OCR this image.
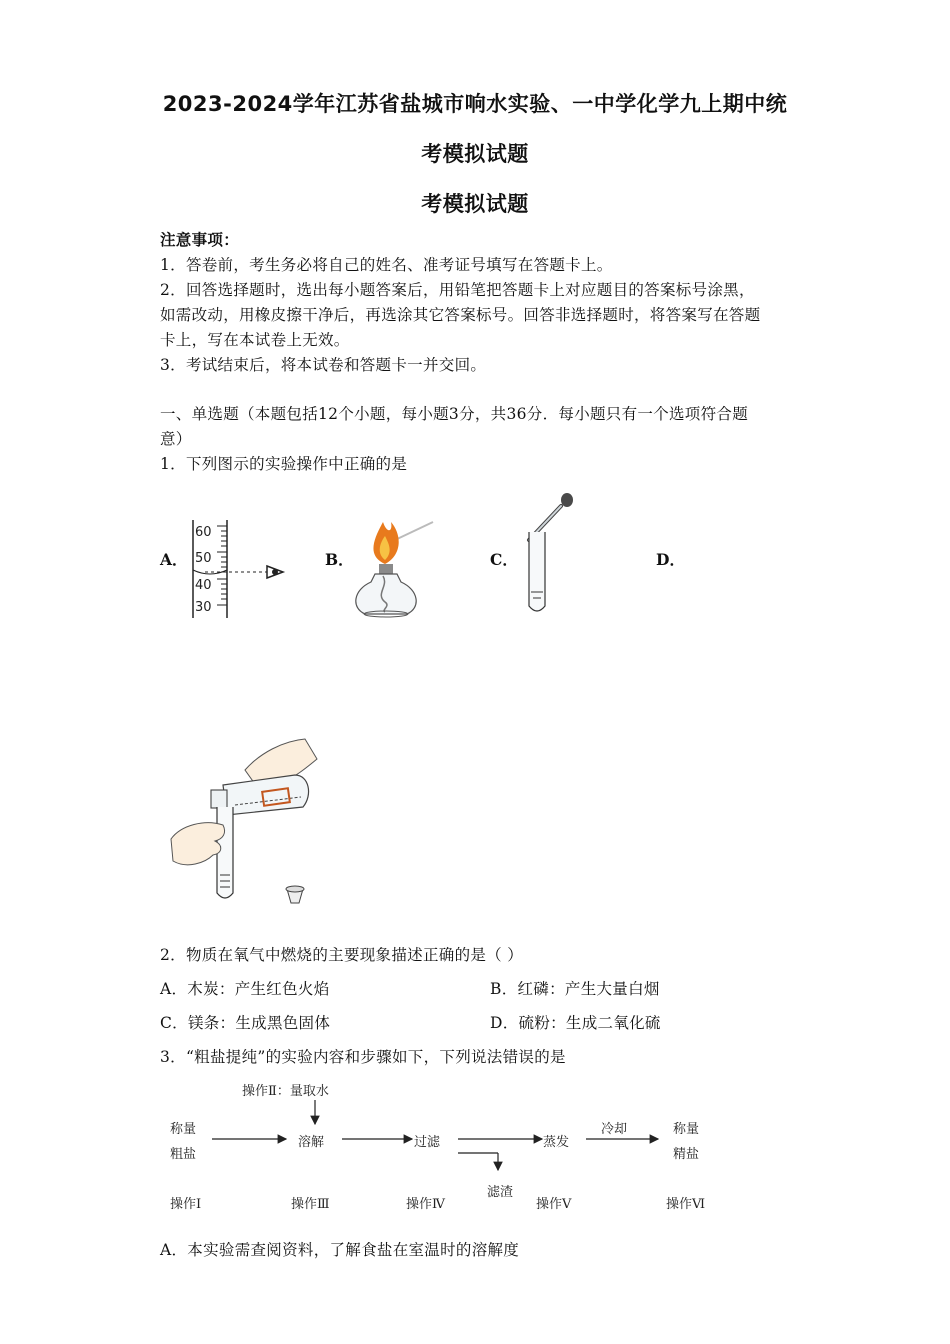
2023-2024学年江苏省盐城市响水实验、一中学化学九上期中统
考模拟试题
考模拟试题
注意事项：
1．答卷前，考生务必将自己的姓名、准考证号填写在答题卡上。
2．回答选择题时，选出每小题答案后，用铅笔把答题卡上对应题目的答案标号涂黑，
如需改动，用橡皮擦干净后，再选涂其它答案标号。回答非选择题时，将答案写在答题
卡上，写在本试卷上无效。
3．考试结束后，将本试卷和答题卡一并交回。
一、单选题（本题包括12个小题，每小题3分，共36分．每小题只有一个选项符合题
意）
1．下列图示的实验操作中正确的是
A．	B．	C．	D．
60
50
40
30
2．物质在氧气中燃烧的主要现象描述正确的是（ ）
A．木炭：产生红色火焰	B．红磷：产生大量白烟
C．镁条：生成黑色固体	D．硫粉：生成二氧化硫
3．“粗盐提纯”的实验内容和步骤如下，下列说法错误的是
操作Ⅱ：量取水
称量
粗盐
溶解	过滤	蒸发
冷却	称量
精盐
滤渣
操作Ⅰ	操作Ⅲ	操作Ⅳ	操作Ⅴ	操作Ⅵ
A．本实验需查阅资料，了解食盐在室温时的溶解度
